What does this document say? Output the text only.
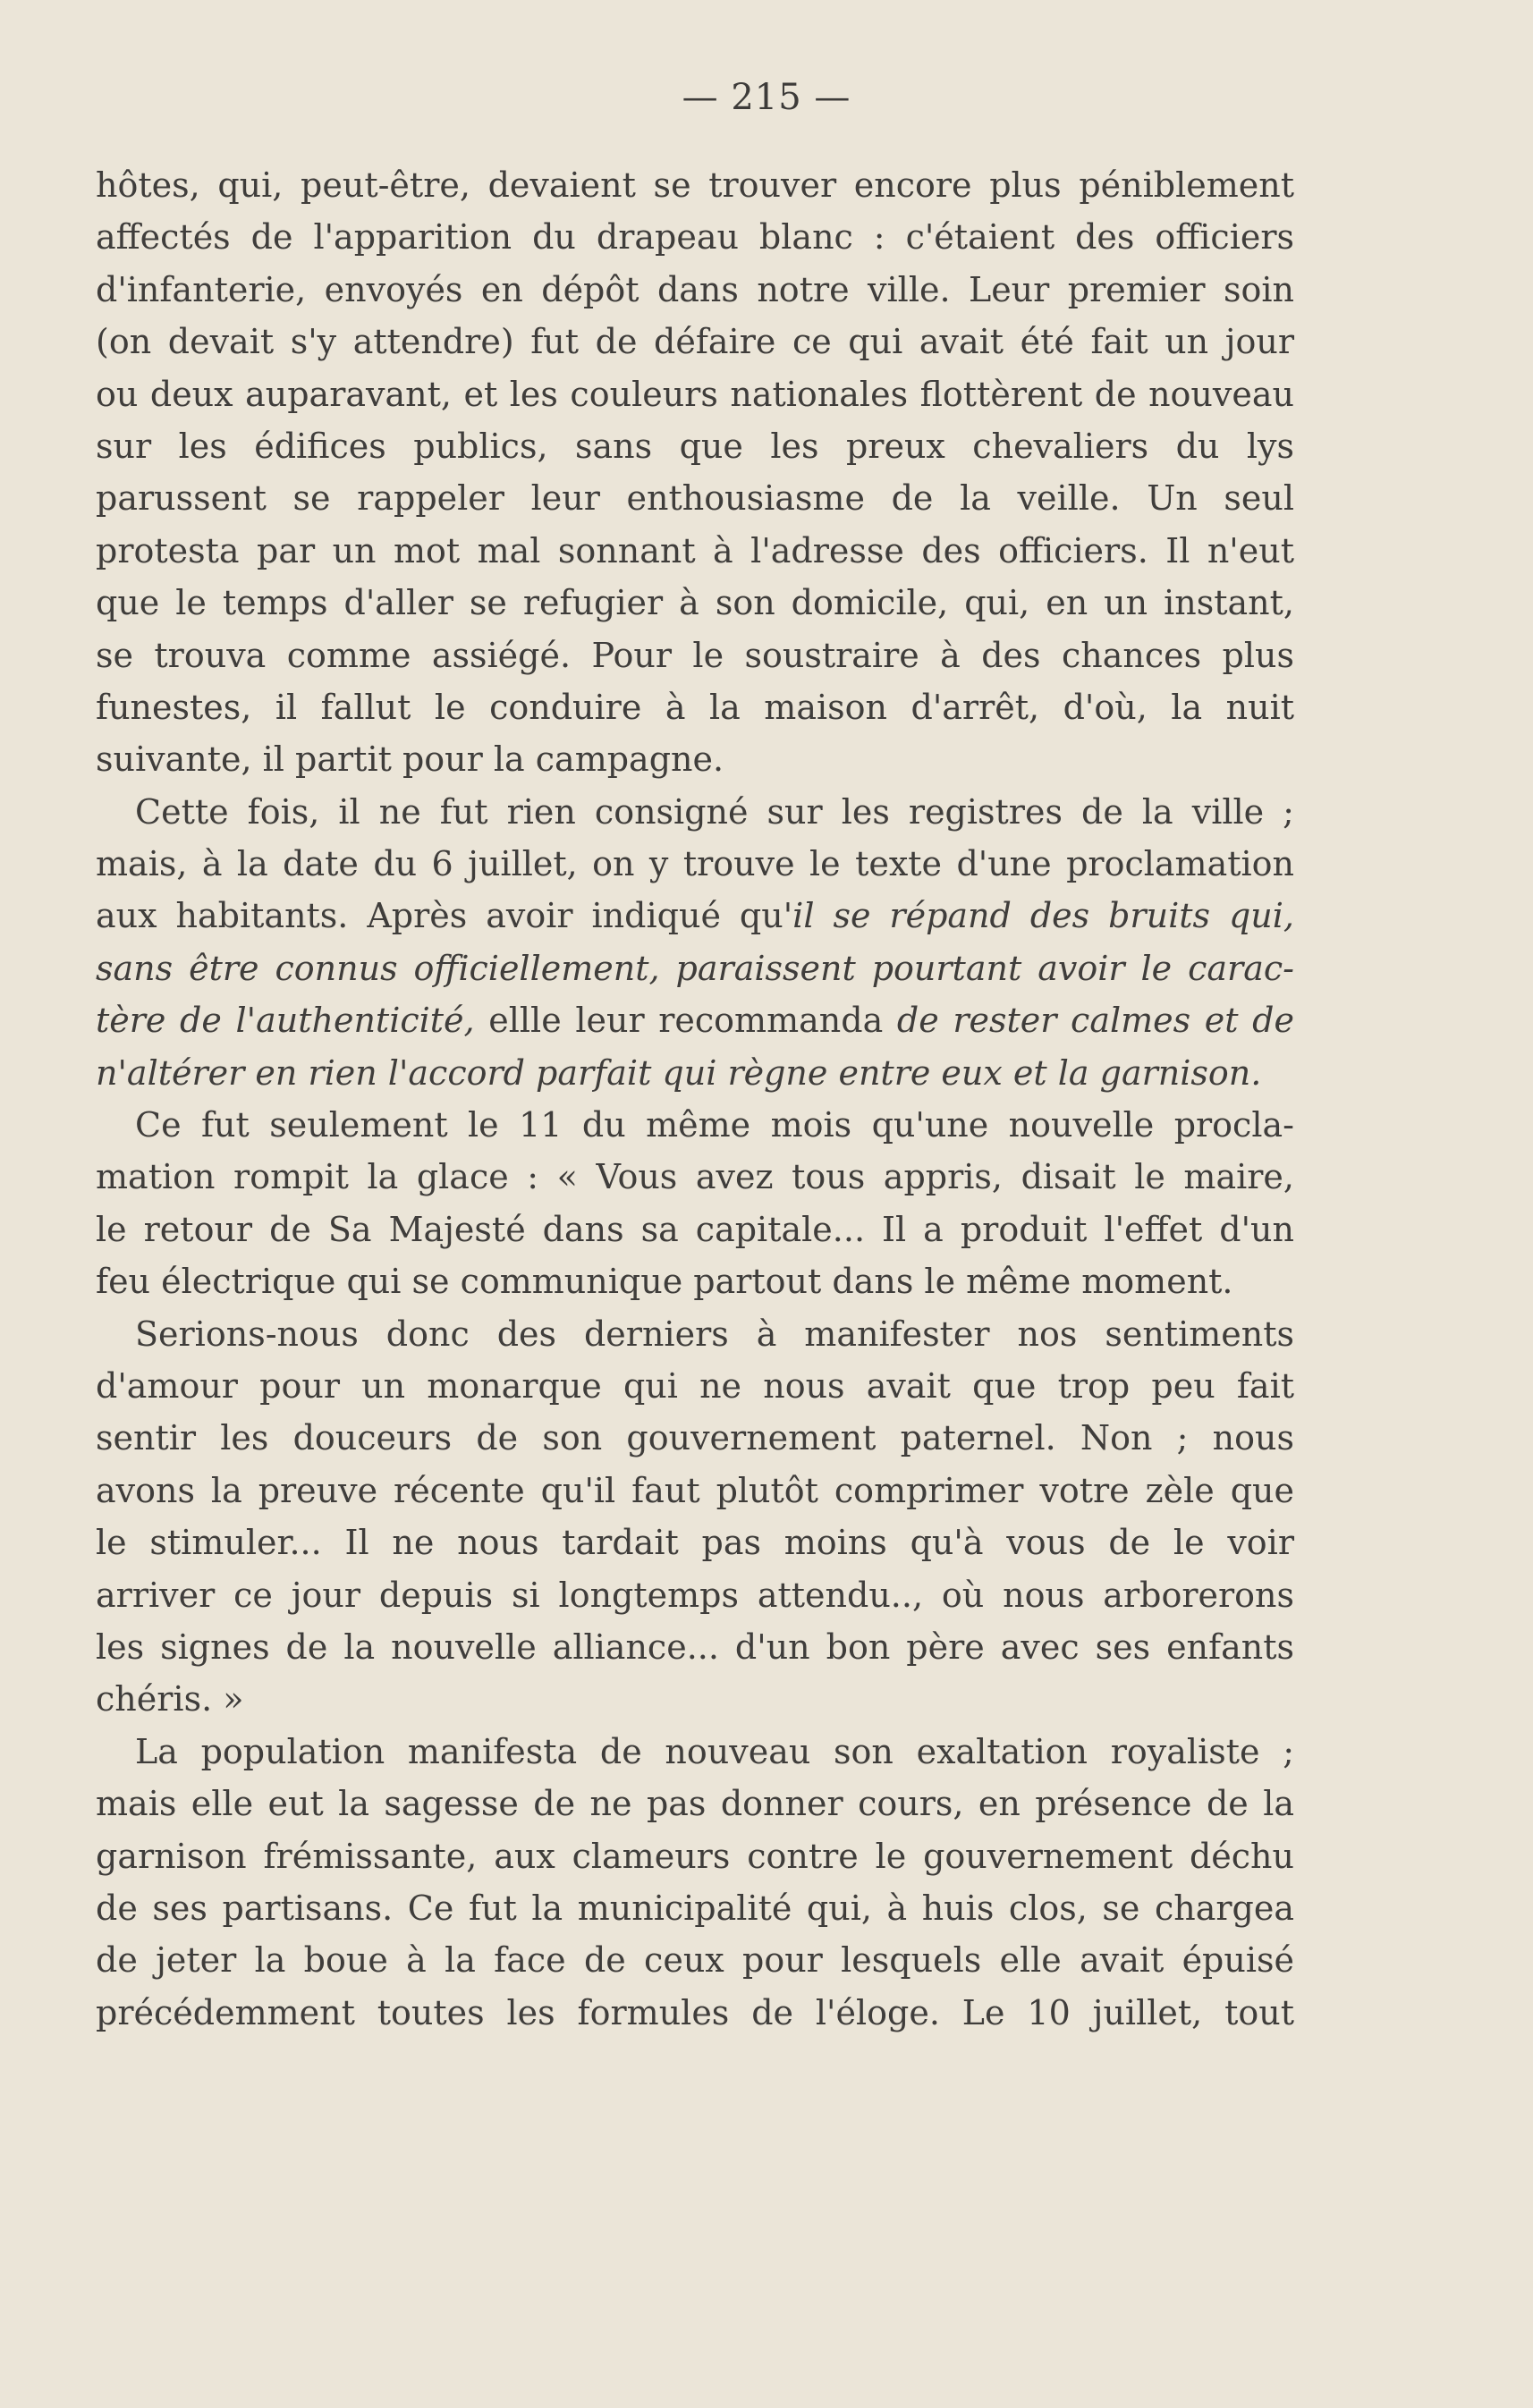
— 215 —
hôtes, qui, peut-être, devaient se trouver encore plus péniblement
affectés de l'apparition du drapeau blanc : c'étaient des officiers
d'infanterie, envoyés en dépôt dans notre ville. Leur premier soin
(on devait s'y attendre) fut de défaire ce qui avait été fait un jour
ou deux auparavant, et les couleurs nationales flottèrent de nouveau
sur les édifices publics, sans que les preux chevaliers du lys
parussent se rappeler leur enthousiasme de la veille. Un seul
protesta par un mot mal sonnant à l'adresse des officiers. Il n'eut
que le temps d'aller se refugier à son domicile, qui, en un instant,
se trouva comme assiégé. Pour le soustraire à des chances plus
funestes, il fallut le conduire à la maison d'arrêt, d'où, la nuit
suivante, il partit pour la campagne.
Cette fois, il ne fut rien consigné sur les registres de la ville ;
mais, à la date du 6 juillet, on y trouve le texte d'une proclamation
aux habitants. Après avoir indiqué qu'il se répand des bruits qui,
sans être connus officiellement, paraissent pourtant avoir le carac-
tère de l'authenticité, ellle leur recommanda de rester calmes et de
n'altérer en rien l'accord parfait qui règne entre eux et la garnison.
Ce fut seulement le 11 du même mois qu'une nouvelle procla-
mation rompit la glace : « Vous avez tous appris, disait le maire,
le retour de Sa Majesté dans sa capitale... Il a produit l'effet d'un
feu électrique qui se communique partout dans le même moment.
Serions-nous donc des derniers à manifester nos sentiments
d'amour pour un monarque qui ne nous avait que trop peu fait
sentir les douceurs de son gouvernement paternel. Non ; nous
avons la preuve récente qu'il faut plutôt comprimer votre zèle que
le stimuler... Il ne nous tardait pas moins qu'à vous de le voir
arriver ce jour depuis si longtemps attendu.., où nous arborerons
les signes de la nouvelle alliance... d'un bon père avec ses enfants
chéris. »
La population manifesta de nouveau son exaltation royaliste ;
mais elle eut la sagesse de ne pas donner cours, en présence de la
garnison frémissante, aux clameurs contre le gouvernement déchu
de ses partisans. Ce fut la municipalité qui, à huis clos, se chargea
de jeter la boue à la face de ceux pour lesquels elle avait épuisé
précédemment toutes les formules de l'éloge. Le 10 juillet, tout
